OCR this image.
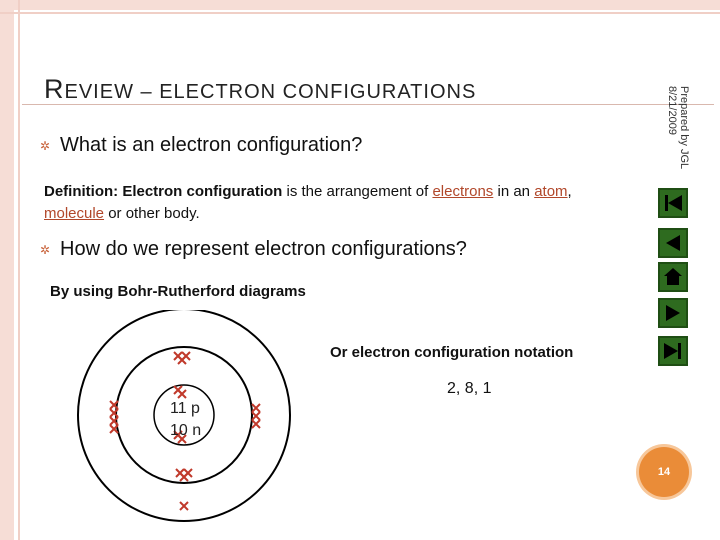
REVIEW – ELECTRON CONFIGURATIONS	Prepared by JGL
8/21/2009
✲ What is an electron configuration?
Definition: Electron configuration is the arrangement of electrons in an atom, molecule or other body.
✲ How do we represent electron configurations?
By using Bohr-Rutherford diagrams
Or electron configuration notation
2, 8, 1
11 p
10 n
14
